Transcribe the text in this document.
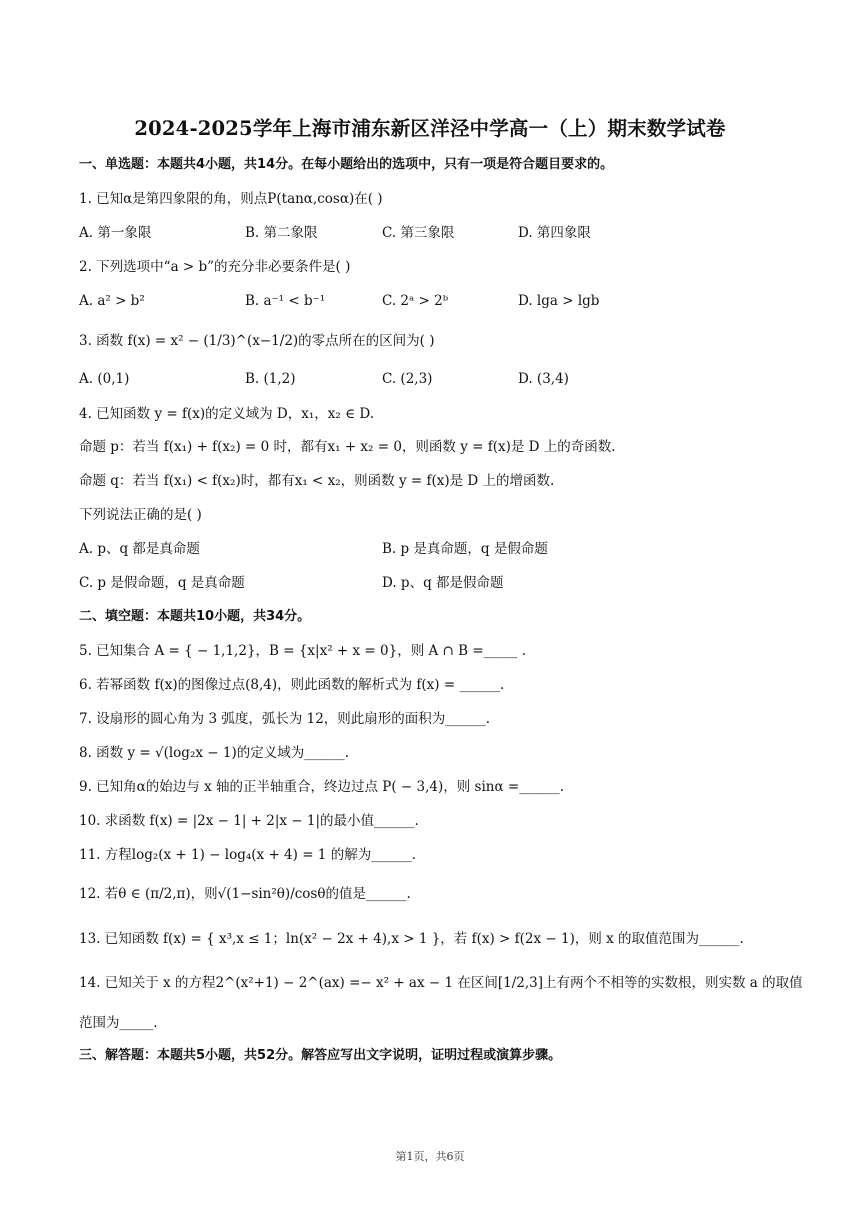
2024-2025学年上海市浦东新区洋泾中学高一（上）期末数学试卷
一、单选题：本题共4小题，共14分。在每小题给出的选项中，只有一项是符合题目要求的。
1. 已知α是第四象限的角，则点P(tanα,cosα)在( )
A. 第一象限	B. 第二象限	C. 第三象限	D. 第四象限
2. 下列选项中“a > b”的充分非必要条件是( )
A. a² > b²	B. a⁻¹ < b⁻¹	C. 2ᵃ > 2ᵇ	D. lga > lgb
3. 函数 f(x) = x² − (1/3)^(x−1/2)的零点所在的区间为( )
A. (0,1)	B. (1,2)	C. (2,3)	D. (3,4)
4. 已知函数 y = f(x)的定义域为 D，x₁，x₂ ∈ D.
命题 p：若当 f(x₁) + f(x₂) = 0 时，都有x₁ + x₂ = 0，则函数 y = f(x)是 D 上的奇函数.
命题 q：若当 f(x₁) < f(x₂)时，都有x₁ < x₂，则函数 y = f(x)是 D 上的增函数.
下列说法正确的是( )
A. p、q 都是真命题	B. p 是真命题，q 是假命题
C. p 是假命题，q 是真命题	D. p、q 都是假命题
二、填空题：本题共10小题，共34分。
5. 已知集合 A = { − 1,1,2}，B = {x|x² + x = 0}，则 A ∩ B =_____ .
6. 若幂函数 f(x)的图像过点(8,4)，则此函数的解析式为 f(x) = ______.
7. 设扇形的圆心角为 3 弧度，弧长为 12，则此扇形的面积为______.
8. 函数 y = √(log₂x − 1)的定义域为______.
9. 已知角α的始边与 x 轴的正半轴重合，终边过点 P( − 3,4)，则 sinα =______.
10. 求函数 f(x) = |2x − 1| + 2|x − 1|的最小值______.
11. 方程log₂(x + 1) − log₄(x + 4) = 1 的解为______.
12. 若θ ∈ (π/2,π)，则√(1−sin²θ)/cosθ的值是______.
13. 已知函数 f(x) = { x³,x ≤ 1；ln(x² − 2x + 4),x > 1 }，若 f(x) > f(2x − 1)，则 x 的取值范围为______.
14. 已知关于 x 的方程2^(x²+1) − 2^(ax) =− x² + ax − 1 在区间[1/2,3]上有两个不相等的实数根，则实数 a 的取值
范围为_____.
三、解答题：本题共5小题，共52分。解答应写出文字说明，证明过程或演算步骤。
第1页，共6页
